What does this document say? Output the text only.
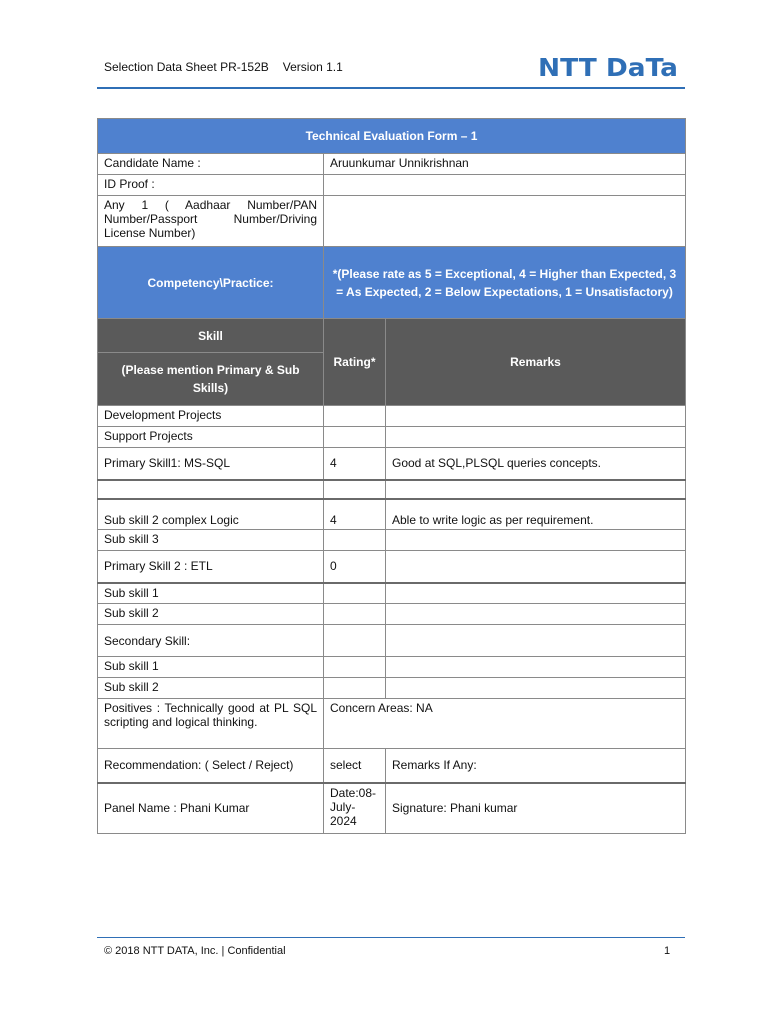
Selection Data Sheet PR-152B Version 1.1	NTT DaTa
Technical Evaluation Form – 1		
Candidate Name :	Aruunkumar Unnikrishnan	
ID Proof :		
Any 1 ( Aadhaar Number/PAN Number/Passport Number/Driving License Number)		
Competency\Practice:	*(Please rate as 5 = Exceptional, 4 = Higher than Expected, 3 = As Expected, 2 = Below Expectations, 1 = Unsatisfactory)	
Skill	Rating*	Remarks
(Please mention Primary & Sub Skills)		
Development Projects		
Support Projects		
Primary Skill1: MS-SQL	4	Good at SQL,PLSQL queries concepts.

Sub skill 2 complex Logic	4	Able to write logic as per requirement.
Sub skill 3		
Primary Skill 2 : ETL	0	
Sub skill 1		
Sub skill 2		
Secondary Skill:		
Sub skill 1		
Sub skill 2		
Positives : Technically good at PL SQL scripting and logical thinking.	Concern Areas: NA	
Recommendation: ( Select / Reject)	select	Remarks If Any:
Panel Name : Phani Kumar	Date:08-July-2024	Signature: Phani kumar
© 2018 NTT DATA, Inc. | Confidential	1
